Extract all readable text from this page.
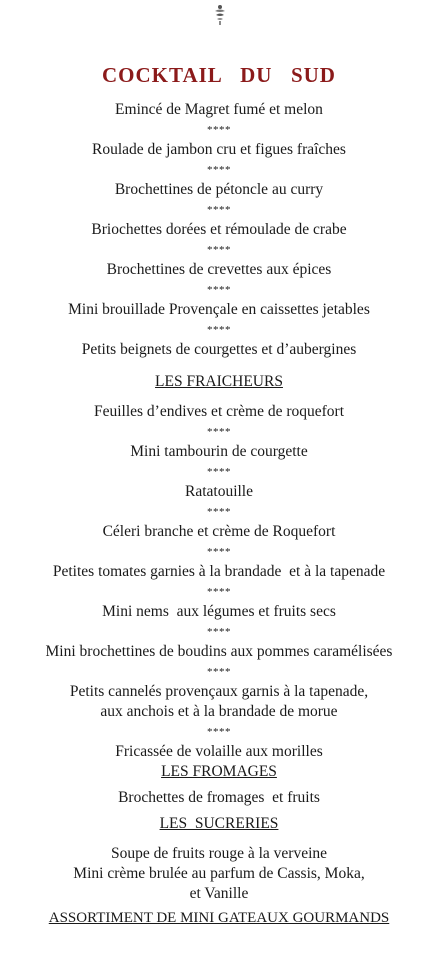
COCKTAIL  DU  SUD
Emincé de Magret fumé et melon
****
Roulade de jambon cru et figues fraîches
****
Brochettines de pétoncle au curry
****
Briochettes dorées et rémoulade de crabe
****
Brochettines de crevettes aux épices
****
Mini brouillade Provençale en caissettes jetables
****
Petits beignets de courgettes et d’aubergines
LES FRAICHEURS
Feuilles d’endives et crème de roquefort
****
Mini tambourin de courgette
****
Ratatouille
****
Céleri branche et crème de Roquefort
****
Petites tomates garnies à la brandade  et à la tapenade
****
Mini nems  aux légumes et fruits secs
****
Mini brochettines de boudins aux pommes caramélisées
****
Petits cannelés provençaux garnis à la tapenade,
aux anchois et à la brandade de morue
****
Fricassée de volaille aux morilles
LES FROMAGES
Brochettes de fromages  et fruits
LES  SUCRERIES
Soupe de fruits rouge à la verveine
Mini crème brulée au parfum de Cassis, Moka,
et Vanille
ASSORTIMENT DE MINI GATEAUX GOURMANDS
